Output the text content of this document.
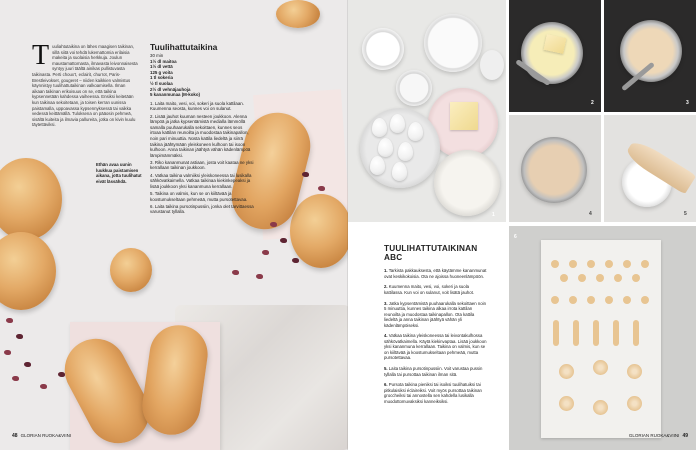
Tuuliahtutaikina on lähes maagisen taikinan, sillä siitä voi tehdä lukemattomia erilaisia makeita ja suolaisia herkkuja. Joulun maustamattomasta, ilmavasta leivonnaisesta syntyy juuri täältä ainikas pullistuvasta taikinasta. Perti choux’t, eclairit, churrot, Paris-Brestleivokset, gougeret – niiden kaikkien valmistus käynnistyy tuulihattutaikinan valkoamisella. Ilman aikaan taikinan erikoisuus on se, että taikina kypsennetään kahdessa vaiheessa. Ensiksi keitetään kun taikinaa sekoitetaan, ja toisen kerran uunissa paistamalla, uppoavassa kypsennyksessä tai vaikka vedessä keittämällä. Tuloksena on pääosin pehmeä, sisältä kuiteita ja ilmavia pallureita, jotka on kivin kuulu täytettäviksi.
Ethän avaa uunin luukkua paistamisen aikana, jotta tuulihatut eivät lässähdä.
Tuulihattutaikina
30 min
1½ dl maitoa
1½ dl vettä
125 g voita
1 tl sokeria
½ tl suolaa
2½ dl vehnäjauhoja
5 kananmunaa (M-koko)
1. Laita maito, vesi, voi, sokeri ja suola kattilaan. Kuumenna seosta, kunnes voi on sulanut.
2. Lisää jauhot kuuman nesteen joukkoon. Alenna lämpöä ja jatka kypsentämistä medialla lämmöllä samalla puuhaarukalla sekoittaen, kunnes seos irtoaa kattilan reunoilta ja muodostaa taikinapallon, noin pari minuuttia. Nosta kattila liedeltä ja siirrä taikina jäähtymään yleiskoneen kulhoon tai isoon kulhoon. Anna taikinan jäähtyä vähän kädenlämpöä lämpimämmäksi.
3. Riko kananmunat astiaan, josta voit kaataa ne yksi kerrallaan taikinan joukkoon.
4. Vatkaa taikina valmiiksi yleiskoneessa tai lusikalla sähkövatkaimella. Vatkaa taikinaa kiekinkepeaksi ja lisää joukkoon yksi kananmuna kerrallaan.
5. Taikina on valmis, kun se on kiiltävää ja koostumukseltaan pehmeää, mutta pursotettavaa.
6. Laita taikina pursotinpussiin, jonka olet tarvittaessa varustanut tyllalla.
48 GLORIAN RUOKA&VIINI
1
2	3
4	5
6
TUULIHATTUTAIKINAN ABC
1. Tarkista pakkauksesta, että käytämme kananmunat ovat keskikokoisia. Ota ne ajoissa huoneenlämpöön.
2. Kuumenna maito, vesi, voi, sokeri ja suola kattilassa. Kun voi on sulanut, voit lisätä jauhot.
3. Jatka kypsentämistä puuhaarukalla sekoittaen noin 5 minuuttia, kunnes taikina alkaa irrota kattilan reunoilta ja muodostaa taikinapallon. Ota kattila liedeltä ja anna taikinan jäähtyä vähän yli kädenlämpöiseksi.
4. Vatkaa taikina yleiskoneessa tai leivontakulhossa sähkövatkaimella. Käytä kiekinvaptaa. Lisää joukkoon yksi kananmuna kerrallaan. Taikina on valmis, kun se on kiiltävää ja koostumukseltaan pehmeää, mutta pursotettavaa.
5. Laita taikina pursotinpussiin. Voit varustaa pussin tyllalla tai pursottaa taikinan ilman sitä.
6. Pursota taikina pieniksi tai isoiksi tuulihatuiksi tai pitkulaisiksi éclaireiksi. Voit myös pursottaa taikinan groccheiksi tai annostella sen kahdella lusikalla muodottomuvaksiksi kanneiksiksi.
GLORIAN RUOKA&VIINI 49
